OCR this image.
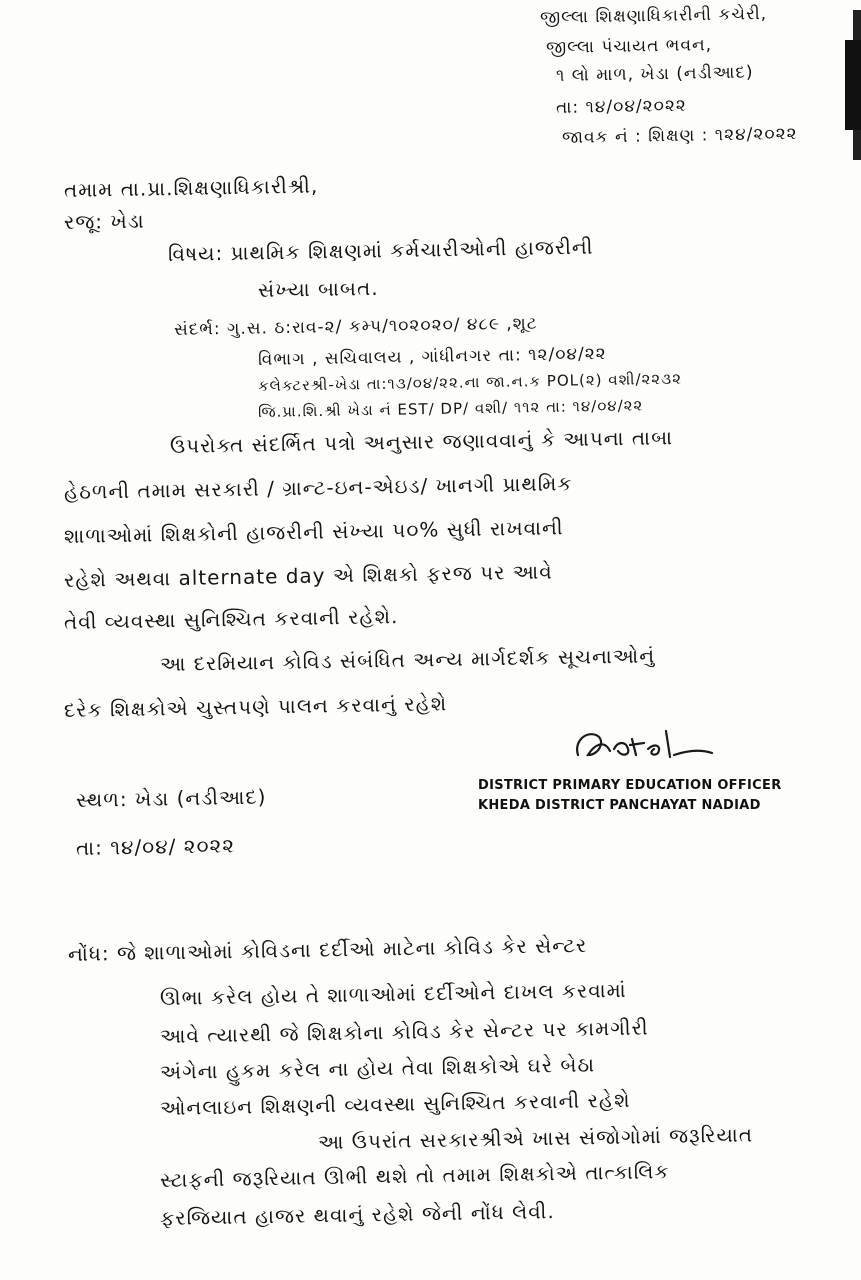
જીલ્લા શિક્ષણાધિકારીની કચેરી,
જીલ્લા પંચાયત ભવન,
૧ લો માળ, ખેડા (નડીઆદ)
તા: ૧૪/૦૪/૨૦૨૨
જાવક નં : શિક્ષણ : ૧૨૪/૨૦૨૨
તમામ તા.પ્રા.શિક્ષણાધિકારીશ્રી,
રજૂ: ખેડા
વિષય: પ્રાથમિક શિક્ષણમાં કર્મચારીઓની હાજરીની
સંખ્યા બાબત.
સંદર્ભ: ગુ.સ. ઠ:રાવ-૨/ કમ્પ/૧૦૨૦૨૦/ ૪૮૯ ,શૂટ
વિભાગ , સચિવાલય , ગાંધીનગર તા: ૧૨/૦૪/૨૨
કલેક્ટરશ્રી-ખેડા તા:૧૩/૦૪/૨૨.ના જા.ન.ક POL(૨) વશી/૨૨૩૨
જિ.પ્રા.શિ.શ્રી ખેડા નં EST/ DP/ વશી/ ૧૧૨ તા: ૧૪/૦૪/૨૨
ઉપરોક્ત સંદર્ભિત પત્રો અનુસાર જણાવવાનું કે આપના તાબા
હેઠળની તમામ સરકારી / ગ્રાન્ટ-ઇન-એઇડ/ ખાનગી પ્રાથમિક
શાળાઓમાં શિક્ષકોની હાજરીની સંખ્યા ૫૦% સુધી રાખવાની
રહેશે અથવા alternate day એ શિક્ષકો ફરજ પર આવે
તેવી વ્યવસ્થા સુનિશ્ચિત કરવાની રહેશે.
આ દરમિયાન કોવિડ સંબંધિત અન્ય માર્ગદર્શક સૂચનાઓનું
દરેક શિક્ષકોએ ચુસ્તપણે પાલન કરવાનું રહેશે
DISTRICT PRIMARY EDUCATION OFFICER
KHEDA DISTRICT PANCHAYAT NADIAD
સ્થળ: ખેડા (નડીઆદ)
તા: ૧૪/૦૪/ ૨૦૨૨
નોંધ: જે શાળાઓમાં કોવિડના દર્દીઓ માટેના કોવિડ કેર સેન્ટર
ઊભા કરેલ હોય તે શાળાઓમાં દર્દીઓને દાખલ કરવામાં
આવે ત્યારથી જે શિક્ષકોના કોવિડ કેર સેન્ટર પર કામગીરી
અંગેના હુકમ કરેલ ના હોય તેવા શિક્ષકોએ ઘરે બેઠા
ઓનલાઇન શિક્ષણની વ્યવસ્થા સુનિશ્ચિત કરવાની રહેશે
આ ઉપરાંત સરકારશ્રીએ ખાસ સંજોગોમાં જરૂરિયાત
સ્ટાફની જરૂરિયાત ઊભી થશે તો તમામ શિક્ષકોએ તાત્કાલિક
ફરજિયાત હાજર થવાનું રહેશે જેની નોંધ લેવી.
